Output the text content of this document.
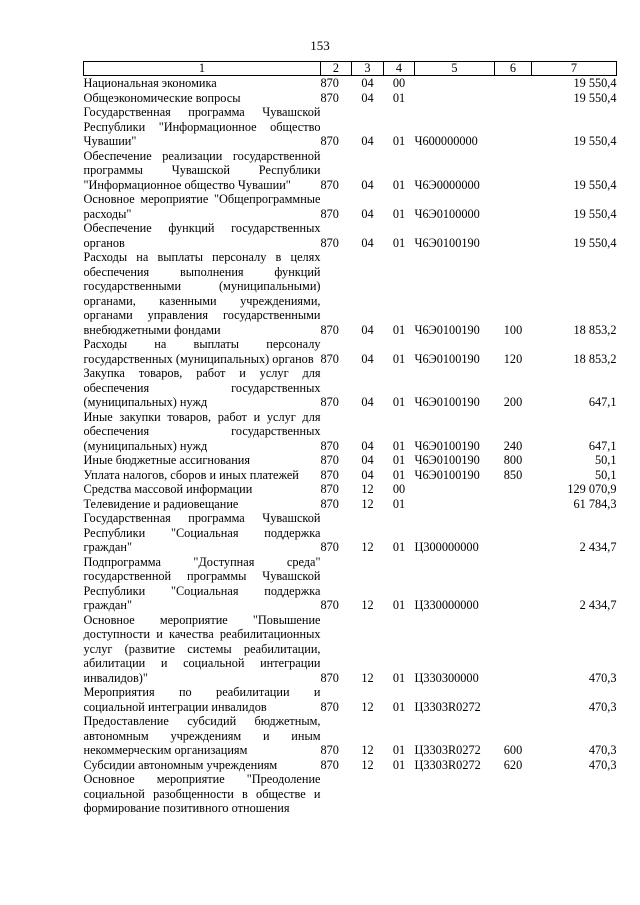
153
1	2	3	4	5	6	7
Национальная экономика	870	04	00			19 550,4
Общеэкономические вопросы	870	04	01			19 550,4
Государственная программа Чувашской Республики "Информационное общество Чувашии"	870	04	01	Ч600000000		19 550,4
Обеспечение реализации государственной программы Чувашской Республики "Информационное общество Чувашии"	870	04	01	Ч6Э0000000		19 550,4
Основное мероприятие "Общепрограммные расходы"	870	04	01	Ч6Э0100000		19 550,4
Обеспечение функций государственных органов	870	04	01	Ч6Э0100190		19 550,4
Расходы на выплаты персоналу в целях обеспечения выполнения функций государственными (муниципальными) органами, казенными учреждениями, органами управления государственными внебюджетными фондами	870	04	01	Ч6Э0100190	100	18 853,2
Расходы на выплаты персоналу государственных (муниципальных) органов	870	04	01	Ч6Э0100190	120	18 853,2
Закупка товаров, работ и услуг для обеспечения государственных (муниципальных) нужд	870	04	01	Ч6Э0100190	200	647,1
Иные закупки товаров, работ и услуг для обеспечения государственных (муниципальных) нужд	870	04	01	Ч6Э0100190	240	647,1
Иные бюджетные ассигнования	870	04	01	Ч6Э0100190	800	50,1
Уплата налогов, сборов и иных платежей	870	04	01	Ч6Э0100190	850	50,1
Средства массовой информации	870	12	00			129 070,9
Телевидение и радиовещание	870	12	01			61 784,3
Государственная программа Чувашской Республики "Социальная поддержка граждан"	870	12	01	Ц300000000		2 434,7
Подпрограмма "Доступная среда" государственной программы Чувашской Республики "Социальная поддержка граждан"	870	12	01	Ц330000000		2 434,7
Основное мероприятие "Повышение доступности и качества реабилитационных услуг (развитие системы реабилитации, абилитации и социальной интеграции инвалидов)"	870	12	01	Ц330300000		470,3
Мероприятия по реабилитации и социальной интеграции инвалидов	870	12	01	Ц3303R0272		470,3
Предоставление субсидий бюджетным, автономным учреждениям и иным некоммерческим организациям	870	12	01	Ц3303R0272	600	470,3
Субсидии автономным учреждениям	870	12	01	Ц3303R0272	620	470,3
Основное мероприятие "Преодоление социальной разобщенности в обществе и формирование позитивного отношения						
